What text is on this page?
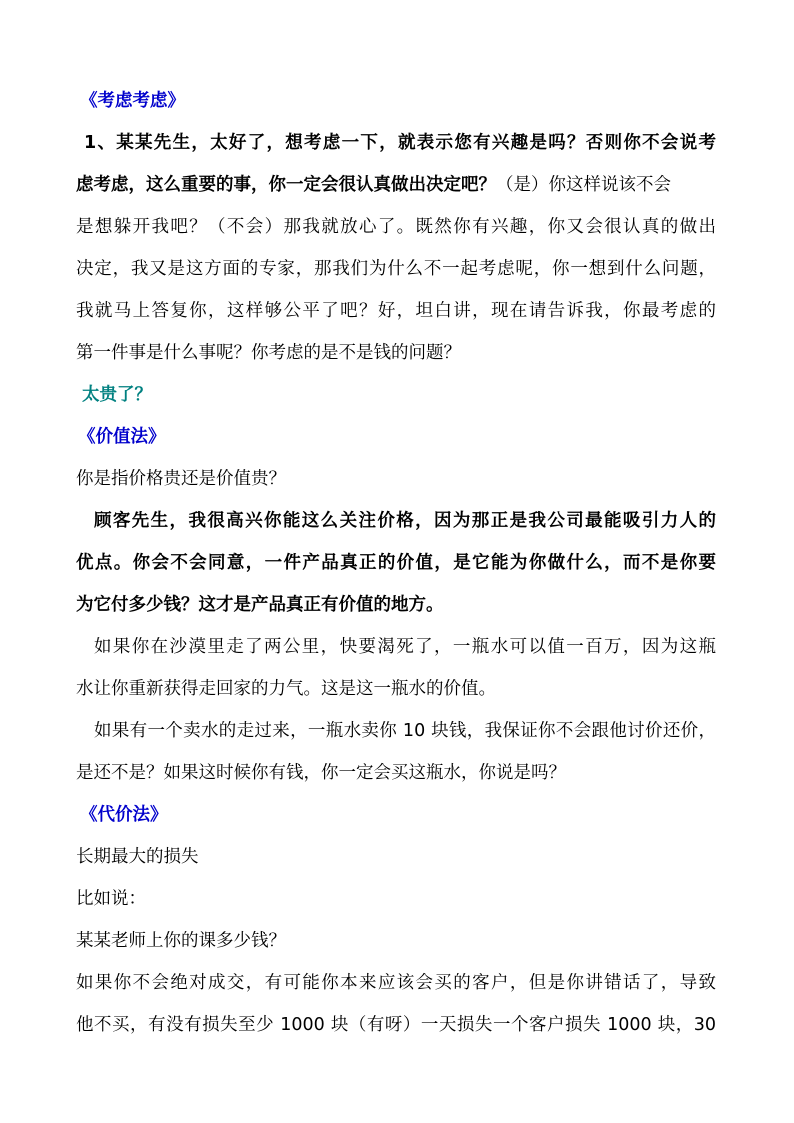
《考虑考虑》
1、某某先生，太好了，想考虑一下，就表示您有兴趣是吗？否则你不会说考
虑考虑，这么重要的事，你一定会很认真做出决定吧？（是）你这样说该不会
是想躲开我吧？（不会）那我就放心了。既然你有兴趣，你又会很认真的做出
决定，我又是这方面的专家，那我们为什么不一起考虑呢，你一想到什么问题，
我就马上答复你，这样够公平了吧？好，坦白讲，现在请告诉我，你最考虑的
第一件事是什么事呢？你考虑的是不是钱的问题？
太贵了？
《价值法》
你是指价格贵还是价值贵？
顾客先生，我很高兴你能这么关注价格，因为那正是我公司最能吸引力人的
优点。你会不会同意，一件产品真正的价值，是它能为你做什么，而不是你要
为它付多少钱？这才是产品真正有价值的地方。
如果你在沙漠里走了两公里，快要渴死了，一瓶水可以值一百万，因为这瓶
水让你重新获得走回家的力气。这是这一瓶水的价值。
如果有一个卖水的走过来，一瓶水卖你 10 块钱，我保证你不会跟他讨价还价，
是还不是？如果这时候你有钱，你一定会买这瓶水，你说是吗？
《代价法》
长期最大的损失
比如说：
某某老师上你的课多少钱？
如果你不会绝对成交，有可能你本来应该会买的客户，但是你讲错话了，导致
他不买，有没有损失至少 1000 块（有呀）一天损失一个客户损失 1000 块，30
